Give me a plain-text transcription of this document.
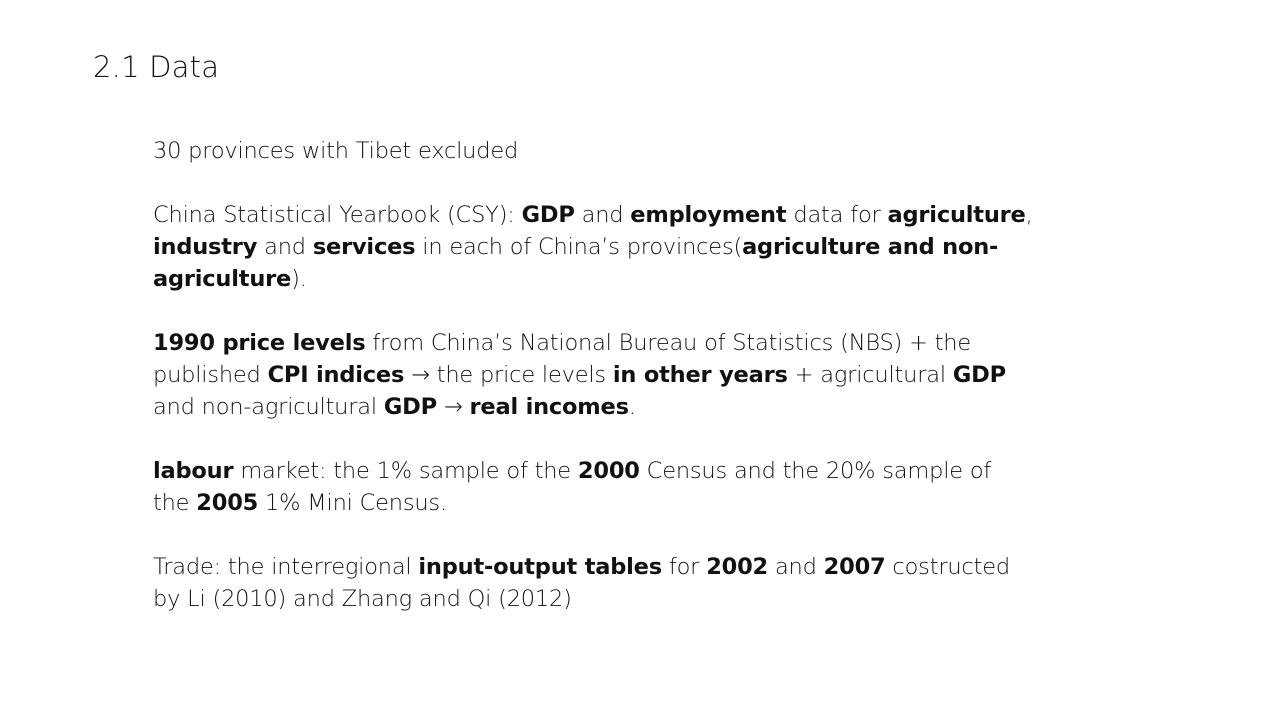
2.1 Data

30 provinces with Tibet excluded

China Statistical Yearbook (CSY): GDP and employment data for agriculture, industry and services in each of China’s provinces(agriculture and non-agriculture).

1990 price levels from China’s National Bureau of Statistics (NBS) + the published CPI indices → the price levels in other years + agricultural GDP and non-agricultural GDP → real incomes.

labour market: the 1% sample of the 2000 Census and the 20% sample of the 2005 1% Mini Census.

Trade: the interregional input-output tables for 2002 and 2007 costructed by Li (2010) and Zhang and Qi (2012)
